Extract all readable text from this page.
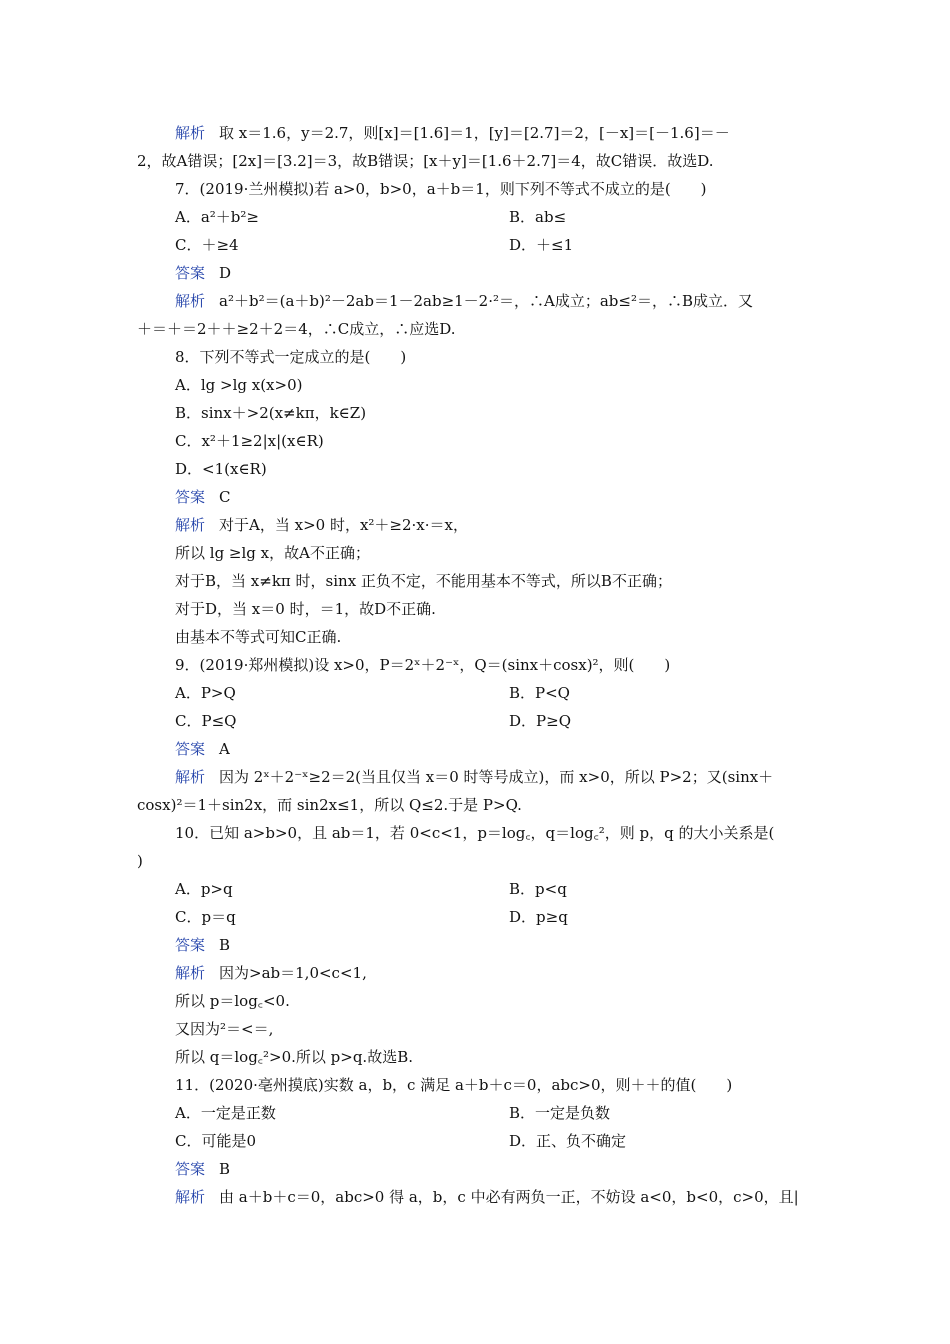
解析 取 x＝1.6，y＝2.7，则[x]＝[1.6]＝1，[y]＝[2.7]＝2，[－x]＝[－1.6]＝－
2，故A错误；[2x]＝[3.2]＝3，故B错误；[x＋y]＝[1.6＋2.7]＝4，故C错误．故选D.
7．(2019·兰州模拟)若 a>0，b>0，a＋b＝1，则下列不等式不成立的是(　　)
A．a²＋b²≥	B．ab≤
C．＋≥4	D．＋≤1
答案 D
解析 a²＋b²＝(a＋b)²－2ab＝1－2ab≥1－2·²＝，∴A成立；ab≤²＝，∴B成立．又
＋＝＋＝2＋＋≥2＋2＝4，∴C成立，∴应选D.
8．下列不等式一定成立的是(　　)
A．lg >lg x(x>0)
B．sinx＋>2(x≠kπ，k∈Z)
C．x²＋1≥2|x|(x∈R)
D．<1(x∈R)
答案 C
解析 对于A，当 x>0 时，x²＋≥2·x·＝x，
所以 lg ≥lg x，故A不正确；
对于B，当 x≠kπ 时，sinx 正负不定，不能用基本不等式，所以B不正确；
对于D，当 x＝0 时，＝1，故D不正确.
由基本不等式可知C正确.
9．(2019·郑州模拟)设 x>0，P＝2ˣ＋2⁻ˣ，Q＝(sinx＋cosx)²，则(　　)
A．P>Q	B．P<Q
C．P≤Q	D．P≥Q
答案 A
解析 因为 2ˣ＋2⁻ˣ≥2＝2(当且仅当 x＝0 时等号成立)，而 x>0，所以 P>2；又(sinx＋
cosx)²＝1＋sin2x，而 sin2x≤1，所以 Q≤2.于是 P>Q.
10．已知 a>b>0，且 ab＝1，若 0<c<1，p＝log꜀，q＝log꜀²，则 p，q 的大小关系是(
)
A．p>q	B．p<q
C．p＝q	D．p≥q
答案 B
解析 因为>ab＝1,0<c<1,
所以 p＝log꜀<0.
又因为²＝<＝,
所以 q＝log꜀²>0.所以 p>q.故选B.
11．(2020·亳州摸底)实数 a，b，c 满足 a＋b＋c＝0，abc>0，则＋＋的值(　　)
A．一定是正数	B．一定是负数
C．可能是0	D．正、负不确定
答案 B
解析 由 a＋b＋c＝0，abc>0 得 a，b，c 中必有两负一正，不妨设 a<0，b<0，c>0，且|
